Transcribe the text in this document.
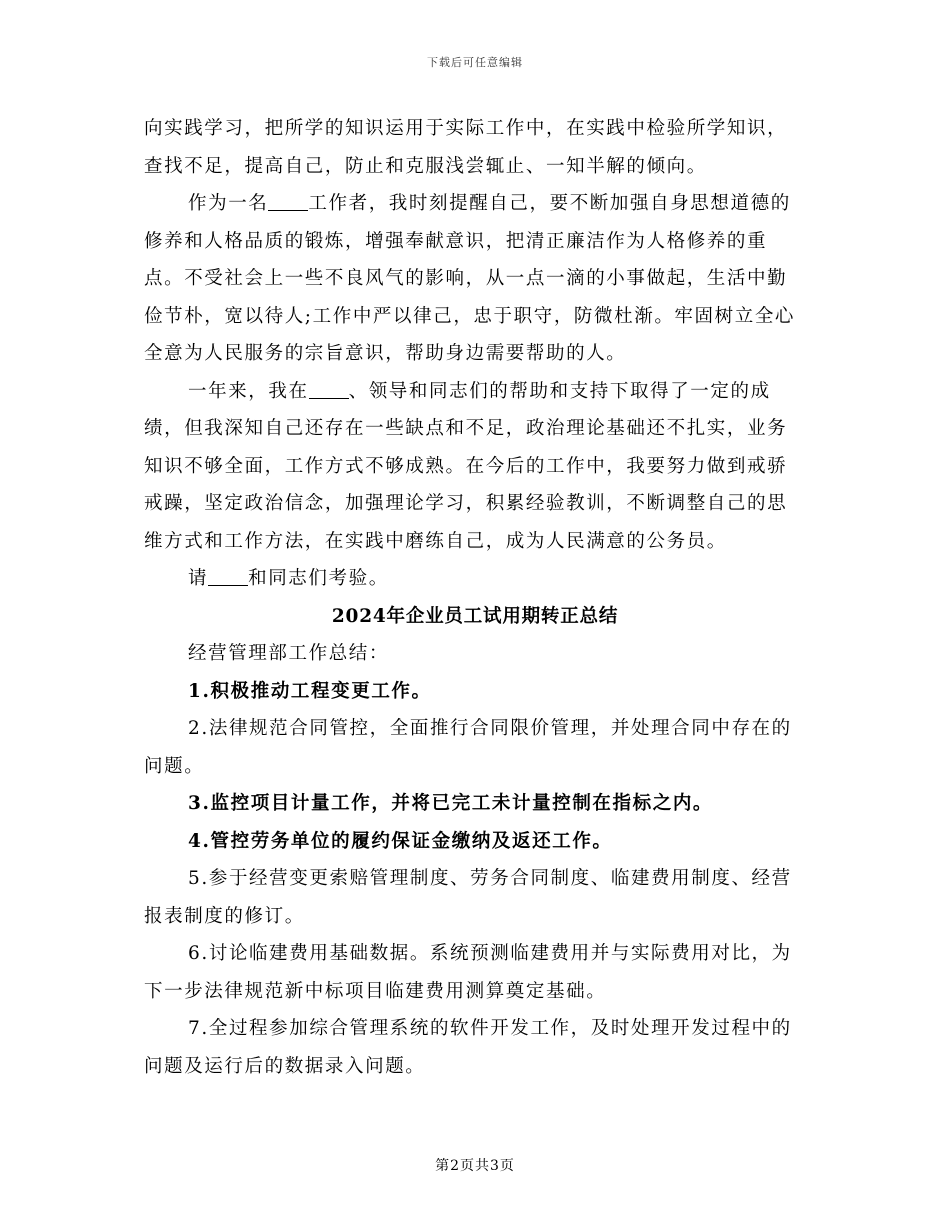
下载后可任意编辑

向实践学习，把所学的知识运用于实际工作中，在实践中检验所学知识，查找不足，提高自己，防止和克服浅尝辄止、一知半解的倾向。

作为一名 工作者，我时刻提醒自己，要不断加强自身思想道德的修养和人格品质的锻炼，增强奉献意识，把清正廉洁作为人格修养的重点。不受社会上一些不良风气的影响，从一点一滴的小事做起，生活中勤俭节朴，宽以待人;工作中严以律己，忠于职守，防微杜渐。牢固树立全心全意为人民服务的宗旨意识，帮助身边需要帮助的人。

一年来，我在 、领导和同志们的帮助和支持下取得了一定的成绩，但我深知自己还存在一些缺点和不足，政治理论基础还不扎实，业务知识不够全面，工作方式不够成熟。在今后的工作中，我要努力做到戒骄戒躁，坚定政治信念，加强理论学习，积累经验教训，不断调整自己的思维方式和工作方法，在实践中磨练自己，成为人民满意的公务员。

请 和同志们考验。

2024年企业员工试用期转正总结

经营管理部工作总结：

1.积极推动工程变更工作。

2.法律规范合同管控，全面推行合同限价管理，并处理合同中存在的问题。

3.监控项目计量工作，并将已完工未计量控制在指标之内。

4.管控劳务单位的履约保证金缴纳及返还工作。

5.参于经营变更索赔管理制度、劳务合同制度、临建费用制度、经营报表制度的修订。

6.讨论临建费用基础数据。系统预测临建费用并与实际费用对比，为下一步法律规范新中标项目临建费用测算奠定基础。

7.全过程参加综合管理系统的软件开发工作，及时处理开发过程中的问题及运行后的数据录入问题。

第2页共3页
